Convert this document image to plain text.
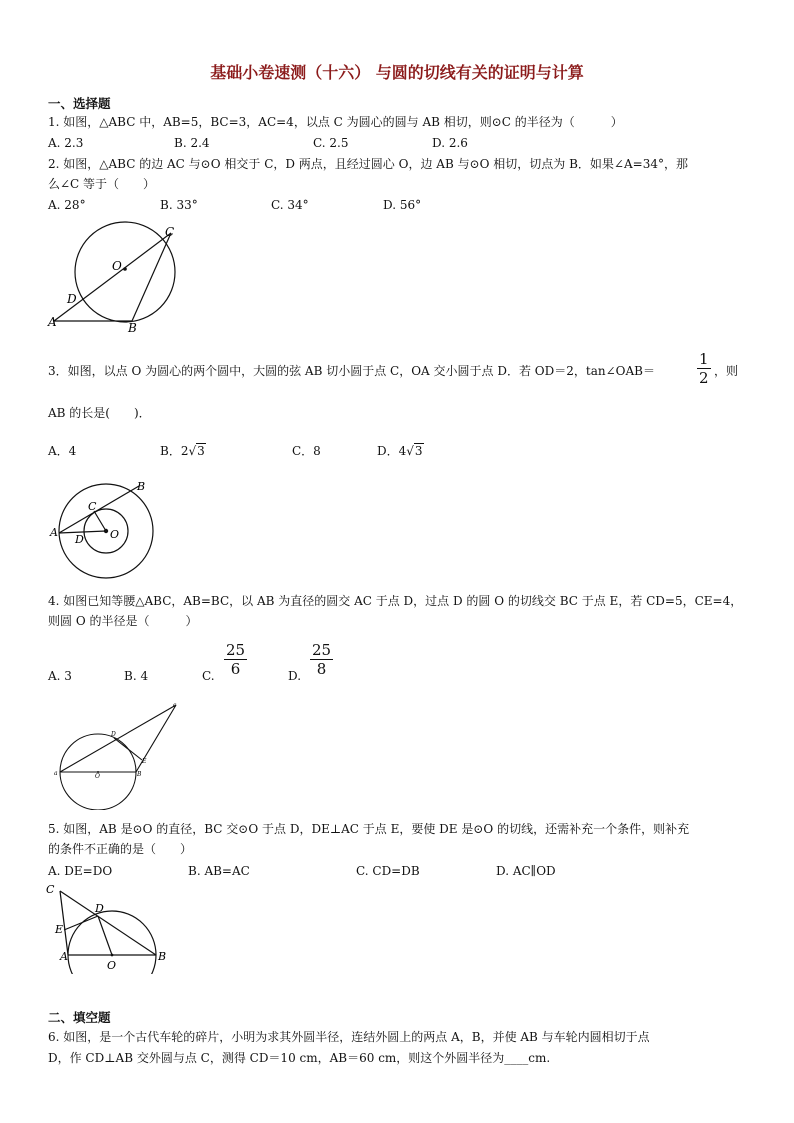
基础小卷速测（十六） 与圆的切线有关的证明与计算
一、选择题
1. 如图，△ABC 中，AB=5，BC=3，AC=4，以点 C 为圆心的圆与 AB 相切，则⊙C 的半径为（　　　）
A. 2.3	B. 2.4	C. 2.5	D. 2.6
2. 如图，△ABC 的边 AC 与⊙O 相交于 C，D 两点，且经过圆心 O，边 AB 与⊙O 相切，切点为 B．如果∠A=34°，那
么∠C 等于（　　）
A. 28°	B. 33°	C. 34°	D. 56°
C
O
D
A	B
3．如图，以点 O 为圆心的两个圆中，大圆的弦 AB 切小圆于点 C，OA 交小圆于点 D．若 OD＝2，tan∠OAB＝	$\frac{1}{2}$ ，则
AB 的长是(　　)．
A．4	B．2√3	C．8	D．4√3
B
C
A
D O
4. 如图已知等腰△ABC，AB=BC，以 AB 为直径的圆交 AC 于点 D，过点 D 的圆 O 的切线交 BC 于点 E，若 CD=5，CE=4，
则圆 O 的半径是（　　　）
A. 3	B. 4	C. $\frac{25}{6}$	D. $\frac{25}{8}$
c
D
E
a	O	B
5. 如图，AB 是⊙O 的直径，BC 交⊙O 于点 D，DE⊥AC 于点 E，要使 DE 是⊙O 的切线，还需补充一个条件，则补充
的条件不正确的是（　　）
A. DE=DO	B. AB=AC	C. CD=DB	D. AC∥OD
C
D
E
A
O
B
二、填空题
6. 如图，是一个古代车轮的碎片，小明为求其外圆半径，连结外圆上的两点 A，B，并使 AB 与车轮内圆相切于点
D，作 CD⊥AB 交外圆与点 C，测得 CD＝10 cm，AB＝60 cm，则这个外圆半径为____cm.
